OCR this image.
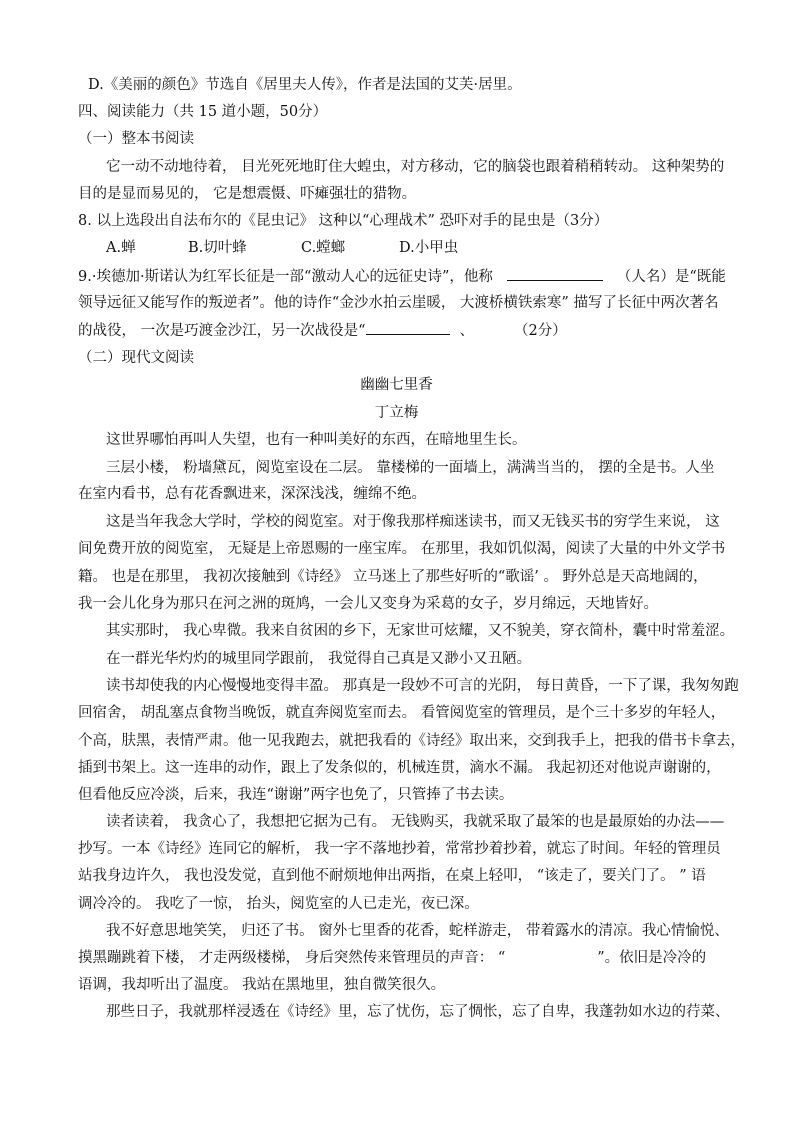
D.《美丽的颜色》节选自《居里夫人传》，作者是法国的艾芙·居里。
四、阅读能力（共 15 道小题，50分）
（一）整本书阅读
它一动不动地待着， 目光死死地盯住大蝗虫，对方移动，它的脑袋也跟着稍稍转动。 这种架势的
目的是显而易见的， 它是想震慑、吓瘫强壮的猎物。
8. 以上选段出自法布尔的《昆虫记》 这种以“心理战术” 恐吓对手的昆虫是（3分）
A.蝉	B.切叶蜂	C.螳螂	D.小甲虫
9.·埃德加·斯诺认为红军长征是一部“激动人心的远征史诗”，他称	（人名）是“既能
领导远征又能写作的叛逆者”。他的诗作“金沙水拍云崖暖， 大渡桥横铁索寒” 描写了长征中两次著名
的战役， 一次是巧渡金沙江，另一次战役是“	、	（2分）
（二）现代文阅读
幽幽七里香
丁立梅
这世界哪怕再叫人失望，也有一种叫美好的东西，在暗地里生长。
三层小楼， 粉墙黛瓦，阅览室设在二层。 靠楼梯的一面墙上，满满当当的， 摆的全是书。人坐
在室内看书，总有花香飘进来，深深浅浅，缠绵不绝。
这是当年我念大学时，学校的阅览室。对于像我那样痴迷读书，而又无钱买书的穷学生来说， 这
间免费开放的阅览室， 无疑是上帝恩赐的一座宝库。 在那里，我如饥似渴，阅读了大量的中外文学书
籍。 也是在那里， 我初次接触到《诗经》 立马迷上了那些好听的“歌谣’ 。 野外总是天高地阔的，
我一会儿化身为那只在河之洲的斑鸠，一会儿又变身为采葛的女子，岁月绵远，天地皆好。
其实那时， 我心卑微。我来自贫困的乡下，无家世可炫耀，又不貌美，穿衣简朴，囊中时常羞涩。
在一群光华灼灼的城里同学跟前， 我觉得自己真是又渺小又丑陋。
读书却使我的内心慢慢地变得丰盈。 那真是一段妙不可言的光阴， 每日黄昏，一下了课，我匆匆跑
回宿舍， 胡乱塞点食物当晚饭，就直奔阅览室而去。 看管阅览室的管理员，是个三十多岁的年轻人，
个高，肤黑，表情严肃。他一见我跑去，就把我看的《诗经》取出来，交到我手上，把我的借书卡拿去，
插到书架上。这一连串的动作，跟上了发条似的，机械连贯，滴水不漏。 我起初还对他说声谢谢的，
但看他反应冷淡，后来，我连“谢谢”两字也免了，只管捧了书去读。
读者读着， 我贪心了，我想把它据为己有。 无钱购买，我就采取了最笨的也是最原始的办法——
抄写。一本《诗经》连同它的解析， 我一字不落地抄着，常常抄着抄着，就忘了时间。年轻的管理员
站我身边许久， 我也没发觉，直到他不耐烦地伸出两指，在桌上轻叩， “该走了，要关门了。 ” 语
调冷冷的。 我吃了一惊， 抬头，阅览室的人已走光，夜已深。
我不好意思地笑笑， 归还了书。 窗外七里香的花香，蛇样游走， 带着露水的清凉。我心情愉悦、
摸黑蹦跳着下楼， 才走两级楼梯， 身后突然传来管理员的声音： “	”。依旧是冷冷的
语调，我却听出了温度。 我站在黑地里，独自微笑很久。
那些日子，我就那样浸透在《诗经》里，忘了忧伤，忘了惆怅，忘了自卑，我蓬勃如水边的荇菜、
